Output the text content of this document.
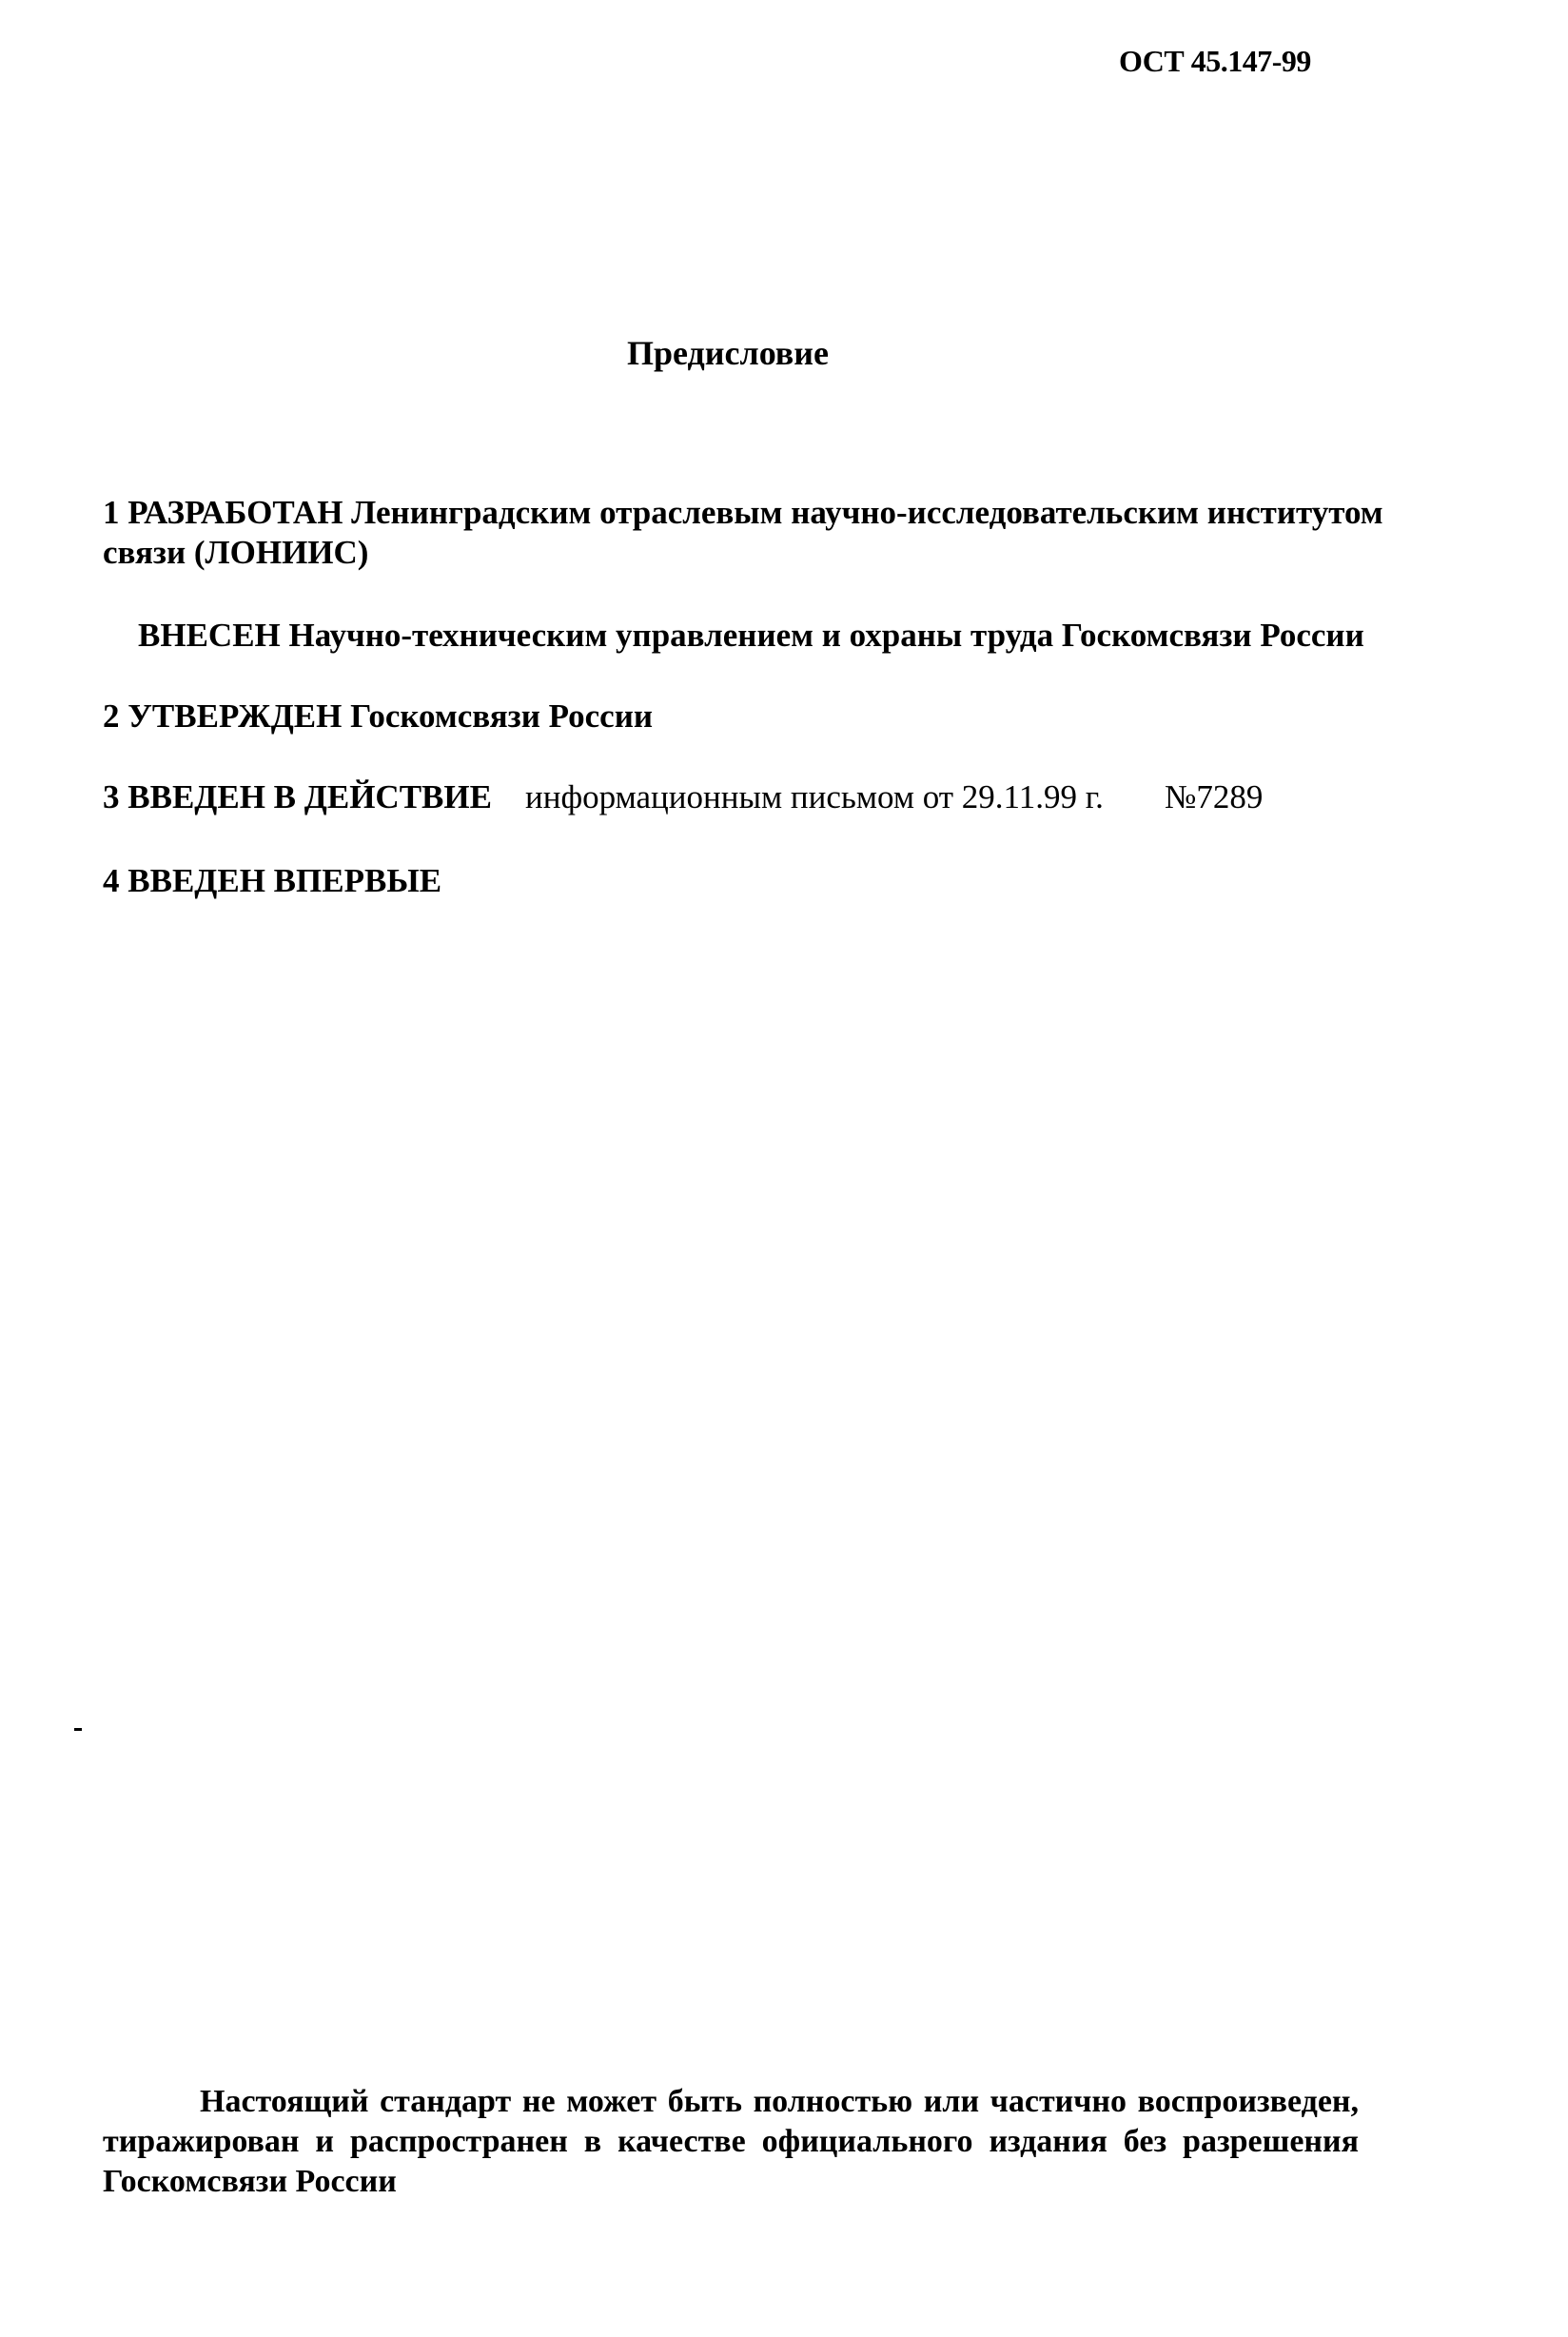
ОСТ 45.147-99
Предисловие
1 РАЗРАБОТАН Ленинградским отраслевым научно-исследовательским институтом
связи (ЛОНИИС)
ВНЕСЕН Научно-техническим управлением и охраны труда Госкомсвязи России
2 УТВЕРЖДЕН Госкомсвязи России
3 ВВЕДЕН В ДЕЙСТВИЕ информационным письмом от 29.11.99 г. №7289
4 ВВЕДЕН ВПЕРВЫЕ
Настоящий стандарт не может быть полностью или частично воспроизведен,
тиражирован и распространен в качестве официального издания без разрешения
Госкомсвязи России
